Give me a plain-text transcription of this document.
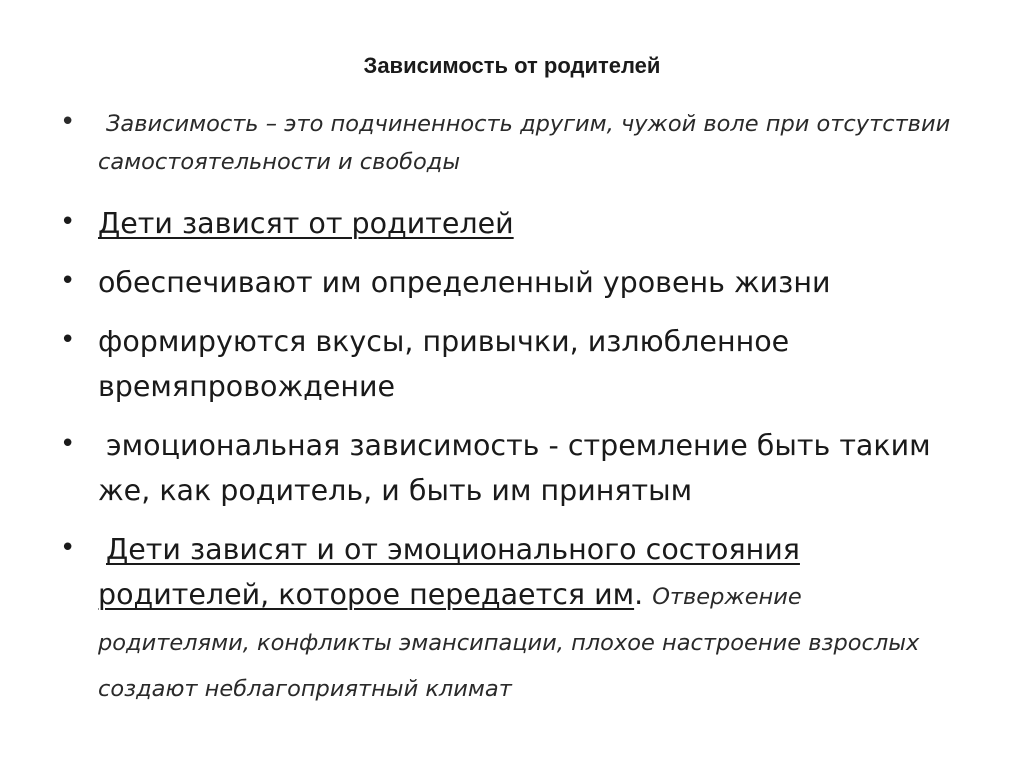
Зависимость от родителей
• Зависимость – это подчиненность другим, чужой воле при отсутствии самостоятельности и свободы
• Дети зависят от родителей
• обеспечивают им определенный уровень жизни
• формируются вкусы, привычки, излюбленное времяпровождение
• эмоциональная зависимость - стремление быть таким же, как родитель, и быть им принятым
• Дети зависят и от эмоционального состояния родителей, которое передается им. Отвержение родителями, конфликты эмансипации, плохое настроение взрослых создают неблагоприятный климат
